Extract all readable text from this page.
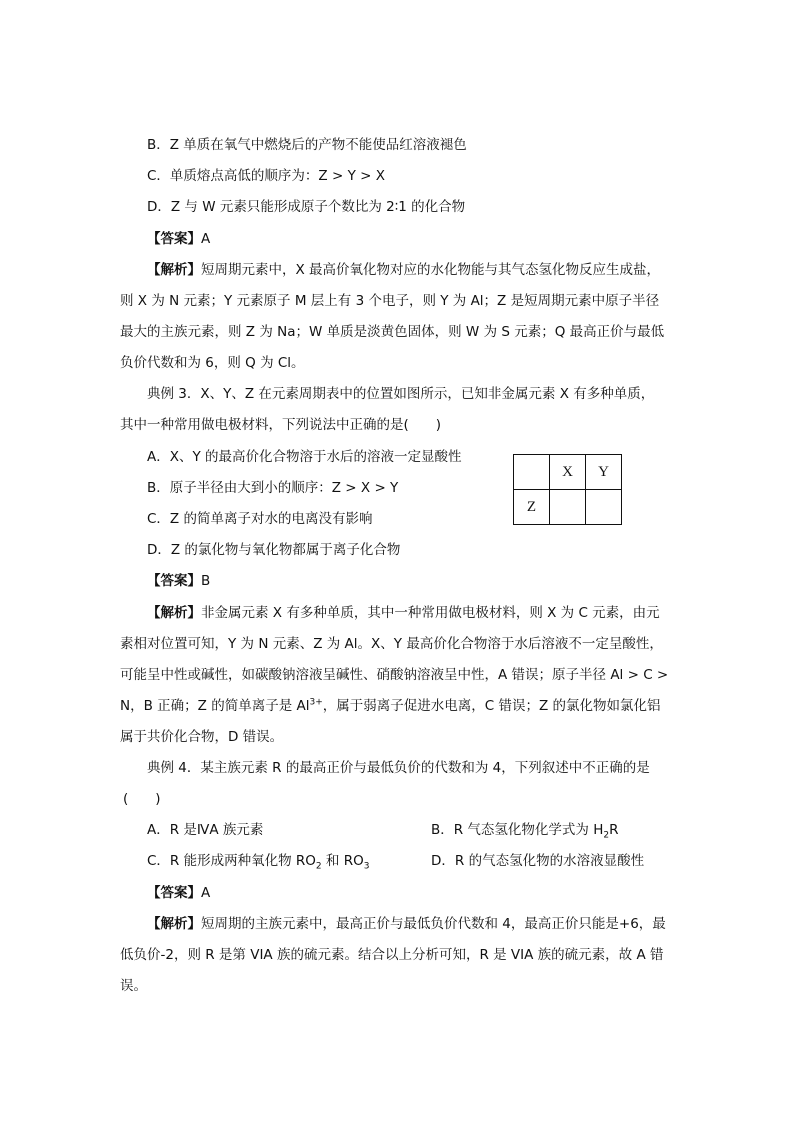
B．Z 单质在氧气中燃烧后的产物不能使品红溶液褪色
C．单质熔点高低的顺序为：Z > Y > X
D．Z 与 W 元素只能形成原子个数比为 2∶1 的化合物
【答案】A
【解析】短周期元素中，X 最高价氧化物对应的水化物能与其气态氢化物反应生成盐，
则 X 为 N 元素；Y 元素原子 M 层上有 3 个电子，则 Y 为 Al；Z 是短周期元素中原子半径
最大的主族元素，则 Z 为 Na；W 单质是淡黄色固体，则 W 为 S 元素；Q 最高正价与最低
负价代数和为 6，则 Q 为 Cl。
典例 3．X、Y、Z 在元素周期表中的位置如图所示，已知非金属元素 X 有多种单质，
其中一种常用做电极材料，下列说法中正确的是(　　)
A．X、Y 的最高价化合物溶于水后的溶液一定显酸性
B．原子半径由大到小的顺序：Z > X > Y
C．Z 的简单离子对水的电离没有影响
D．Z 的氯化物与氧化物都属于离子化合物
	X	Y
Z		
【答案】B
【解析】非金属元素 X 有多种单质，其中一种常用做电极材料，则 X 为 C 元素，由元
素相对位置可知，Y 为 N 元素、Z 为 Al。X、Y 最高价化合物溶于水后溶液不一定呈酸性，
可能呈中性或碱性，如碳酸钠溶液呈碱性、硝酸钠溶液呈中性，A 错误；原子半径 Al > C >
N，B 正确；Z 的简单离子是 $Al^{3+}$，属于弱离子促进水电离，C 错误；Z 的氯化物如氯化铝
属于共价化合物，D 错误。
典例 4．某主族元素 R 的最高正价与最低负价的代数和为 4，下列叙述中不正确的是
(　　)
A．R 是ⅣA 族元素	B．R 气态氢化物化学式为 $H_2R$
C．R 能形成两种氧化物 $RO_2$ 和 $RO_3$	D．R 的气态氢化物的水溶液显酸性
【答案】A
【解析】短周期的主族元素中，最高正价与最低负价代数和 4，最高正价只能是+6，最
低负价-2，则 R 是第 VIA 族的硫元素。结合以上分析可知，R 是 VIA 族的硫元素，故 A 错
误。
